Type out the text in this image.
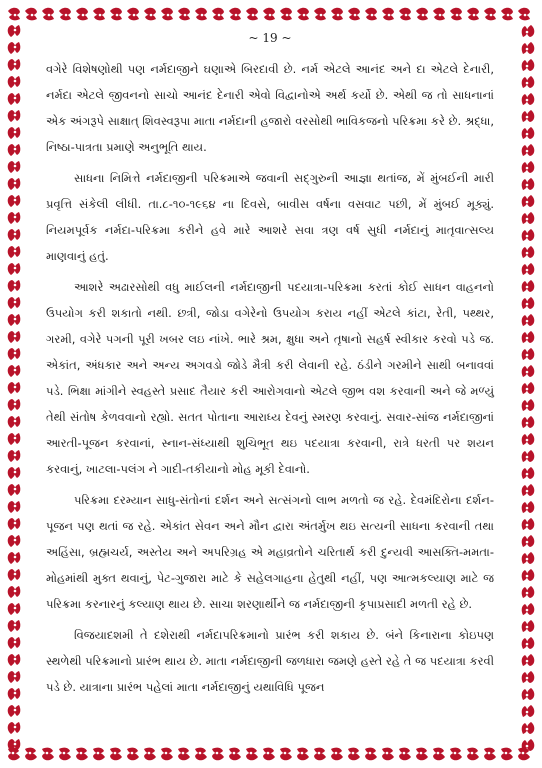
~ 19 ~

વગેરે વિશેષણોથી પણ નર્મદાજીને ઘણાએ બિરદાવી છે. નર્મ એટલે આનંદ અને દા એટલે દેનારી, નર્મદા એટલે જીવનનો સાચો આનંદ દેનારી એવો વિદ્વાનોએ અર્થ કર્યો છે. એથી જ તો સાધનાનાં એક અંગરૂપે સાક્ષાત્ શિવસ્વરૂપા માતા નર્મદાની હજારો વરસોથી ભાવિકજનો પરિક્રમા કરે છે. શ્રદ્ધા, નિષ્ઠા-પાત્રતા પ્રમાણે અનુભૂતિ થાય.

સાધના નિમિત્તે નર્મદાજીની પરિક્રમાએ જવાની સદ્ગુરુની આજ્ઞા થતાંજ, મેં મુંબઈની મારી પ્રવૃત્તિ સંકેલી લીધી. તા.૮-૧૦-૧૯૬૪ ના દિવસે, બાવીસ વર્ષના વસવાટ પછી, મેં મુંબઈ મૂક્યું. નિયમપૂર્વક નર્મદા-પરિક્રમા કરીને હવે મારે આશરે સવા ત્રણ વર્ષ સુધી નર્મદાનું માતૃવાત્સલ્ય માણવાનું હતું.

આશરે અઢારસોથી વધુ માઈલની નર્મદાજીની પદયાત્રા-પરિક્રમા કરતાં કોઈ સાધન વાહનનો ઉપયોગ કરી શકાતો નથી. છત્રી, જોડા વગેરેનો ઉપયોગ કરાય નહીં એટલે કાંટા, રેતી, પથ્થર, ગરમી, વગેરે પગની પૂરી ખબર લઇ નાંખે. ભારે શ્રમ, ક્ષુધા અને તૃષાનો સહર્ષ સ્વીકાર કરવો પડે જ. એકાંત, અંધકાર અને અન્ય અગવડો જોડે મૈત્રી કરી લેવાની રહે. ઠંડીને ગરમીને સાથી બનાવવાં પડે. ભિક્ષા માંગીને સ્વહસ્તે પ્રસાદ તૈયાર કરી આરોગવાનો એટલે જીભ વશ કરવાની અને જે મળ્યું તેથી સંતોષ કેળવવાનો રહ્યો. સતત પોતાના આરાધ્ય દેવનું સ્મરણ કરવાનું. સવાર-સાંજ નર્મદાજીનાં આરતી-પૂજન કરવાનાં, સ્નાન-સંધ્યાથી શુચિભૂત થઇ પદયાત્રા કરવાની, રાત્રે ધરતી પર શયન કરવાનું, ખાટલા-પલંગ ને ગાદી-તકીયાનો મોહ મૂકી દેવાનો.

પરિક્રમા દરમ્યાન સાધુ-સંતોનાં દર્શન અને સત્સંગનો લાભ મળતો જ રહે. દેવમંદિરોના દર્શન-પૂજન પણ થતાં જ રહે. એકાંત સેવન અને મૌન દ્વારા અંતર્મુખ થઇ સત્યની સાધના કરવાની તથા અહિંસા, બ્રહ્મચર્ય, અસ્તેય અને અપરિગ્રહ એ મહાવ્રતોને ચરિતાર્થ કરી દુન્યવી આસક્તિ-મમતા-મોહમાંથી મુક્ત થવાનું, પેટ-ગુજારા માટે કે સહેલગાહના હેતુથી નહીં, પણ આત્મકલ્યાણ માટે જ પરિક્રમા કરનારનું કલ્યાણ થાય છે. સાચા શરણાર્થીને જ નર્મદાજીની કૃપાપ્રસાદી મળતી રહે છે.

વિજયાદશમી તે દશેરાથી નર્મદાપરિક્રમાનો પ્રારંભ કરી શકાય છે. બંને કિનારાના કોઇપણ સ્થળેથી પરિક્રમાનો પ્રારંભ થાય છે. માતા નર્મદાજીની જળધારા જમણે હસ્તે રહે તે જ પદયાત્રા કરવી પડે છે. યાત્રાના પ્રારંભ પહેલાં માતા નર્મદાજીનું યથાવિધિ પૂજન
